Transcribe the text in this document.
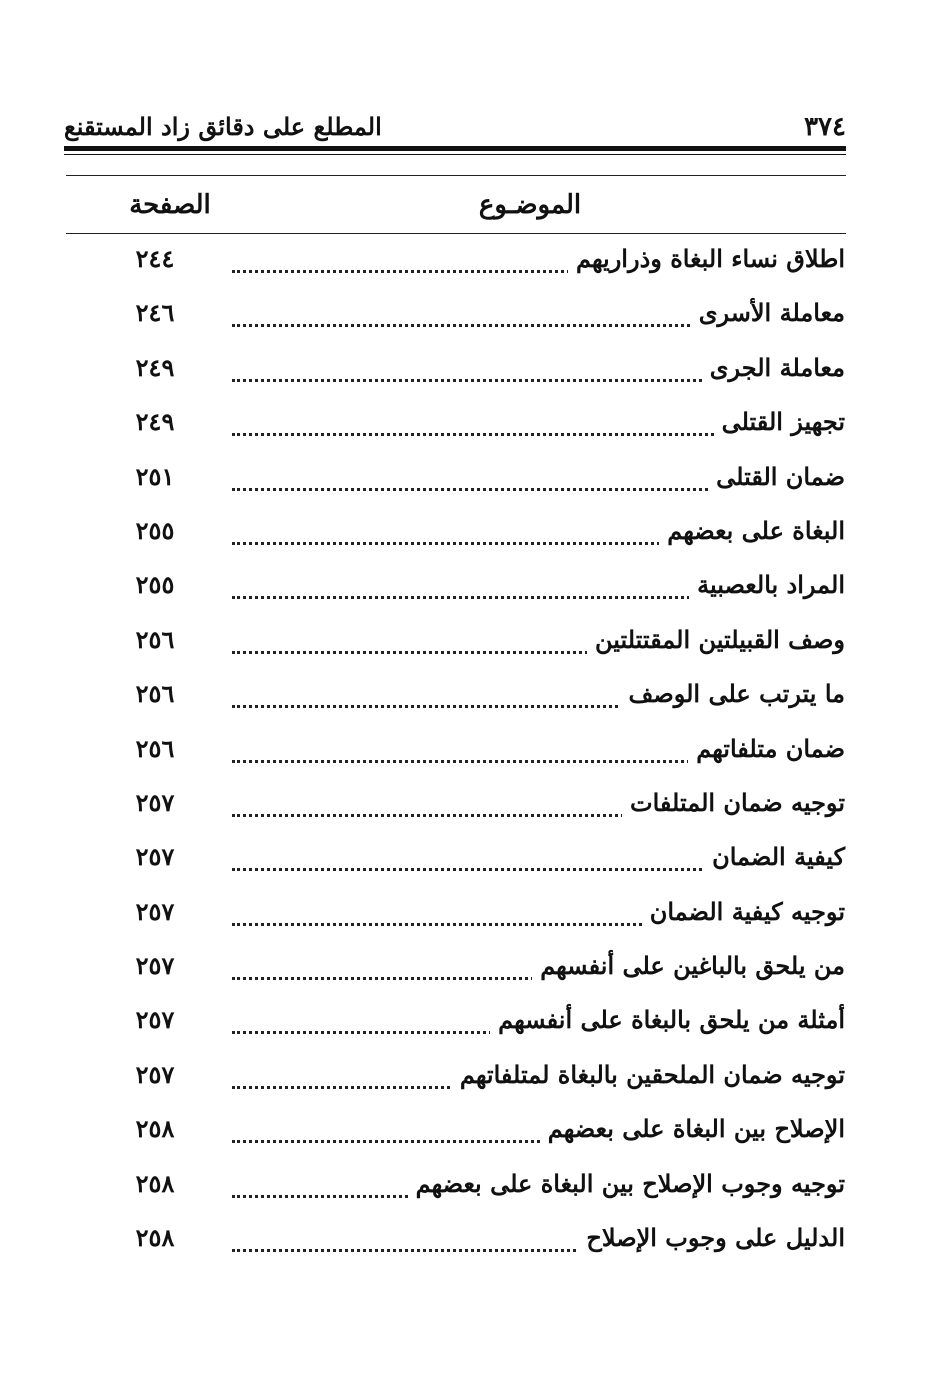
٣٧٤
المطلع على دقائق زاد المستقنع
الموضـوع
الصفحة
اطلاق نساء البغاة وذراريهم
٢٤٤
معاملة الأسرى
٢٤٦
معاملة الجرى
٢٤٩
تجهيز القتلى
٢٤٩
ضمان القتلى
٢٥١
البغاة على بعضهم
٢٥٥
المراد بالعصبية
٢٥٥
وصف القبيلتين المقتتلتين
٢٥٦
ما يترتب على الوصف
٢٥٦
ضمان متلفاتهم
٢٥٦
توجيه ضمان المتلفات
٢٥٧
كيفية الضمان
٢٥٧
توجيه كيفية الضمان
٢٥٧
من يلحق بالباغين على أنفسهم
٢٥٧
أمثلة من يلحق بالبغاة على أنفسهم
٢٥٧
توجيه ضمان الملحقين بالبغاة لمتلفاتهم
٢٥٧
الإصلاح بين البغاة على بعضهم
٢٥٨
توجيه وجوب الإصلاح بين البغاة على بعضهم
٢٥٨
الدليل على وجوب الإصلاح
٢٥٨
